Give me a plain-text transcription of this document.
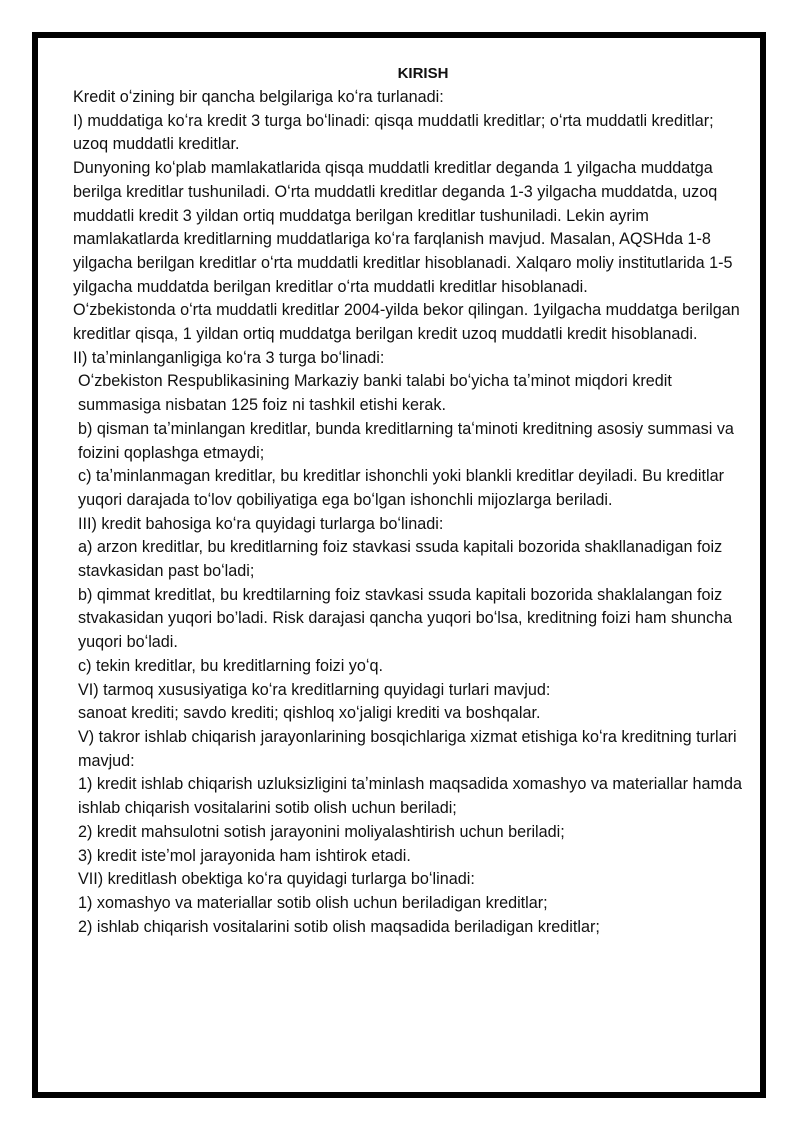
KIRISH
Kredit oʻzining bir qancha belgilariga koʻra turlanadi:
I) muddatiga koʻra kredit 3 turga boʻlinadi: qisqa muddatli kreditlar; oʻrta muddatli kreditlar; uzoq muddatli kreditlar.
Dunyoning koʻplab mamlakatlarida qisqa muddatli kreditlar deganda 1 yilgacha muddatga berilga kreditlar tushuniladi. Oʻrta muddatli kreditlar deganda 1-3 yilgacha muddatda, uzoq muddatli kredit 3 yildan ortiq muddatga berilgan kreditlar tushuniladi. Lekin ayrim mamlakatlarda kreditlarning muddatlariga koʻra farqlanish mavjud. Masalan, AQSHda 1-8 yilgacha berilgan kreditlar oʻrta muddatli kreditlar hisoblanadi. Xalqaro moliy institutlarida 1-5 yilgacha muddatda berilgan kreditlar oʻrta muddatli kreditlar hisoblanadi.
Oʻzbekistonda oʻrta muddatli kreditlar 2004-yilda bekor qilingan. 1yilgacha muddatga berilgan kreditlar qisqa, 1 yildan ortiq muddatga berilgan kredit uzoq muddatli kredit hisoblanadi.
II) taʼminlanganligiga koʻra 3 turga boʻlinadi:
Oʻzbekiston Respublikasining Markaziy banki talabi boʻyicha taʼminot miqdori kredit summasiga nisbatan 125 foiz ni tashkil etishi kerak.
b) qisman taʼminlangan kreditlar, bunda kreditlarning taʻminoti kreditning asosiy summasi va foizini qoplashga etmaydi;
c) taʼminlanmagan kreditlar, bu kreditlar ishonchli yoki blankli kreditlar deyiladi. Bu kreditlar yuqori darajada toʻlov qobiliyatiga ega boʻlgan ishonchli mijozlarga beriladi.
III) kredit bahosiga koʻra quyidagi turlarga boʻlinadi:
a) arzon kreditlar, bu kreditlarning foiz stavkasi ssuda kapitali bozorida shakllanadigan foiz stavkasidan past boʻladi;
b) qimmat kreditlat, bu kredtilarning foiz stavkasi ssuda kapitali bozorida shaklalangan foiz stvakasidan yuqori bo’ladi. Risk darajasi qancha yuqori boʻlsa, kreditning foizi ham shuncha yuqori boʻladi.
c) tekin kreditlar, bu kreditlarning foizi yoʻq.
VI) tarmoq xususiyatiga koʻra kreditlarning quyidagi turlari mavjud:
sanoat krediti; savdo krediti; qishloq xoʻjaligi krediti va boshqalar.
V) takror ishlab chiqarish jarayonlarining bosqichlariga xizmat etishiga koʻra kreditning turlari mavjud:
1) kredit ishlab chiqarish uzluksizligini taʼminlash maqsadida xomashyo va materiallar hamda ishlab chiqarish vositalarini sotib olish uchun beriladi;
2) kredit mahsulotni sotish jarayonini moliyalashtirish uchun beriladi;
3) kredit isteʼmol jarayonida ham ishtirok etadi.
VII) kreditlash obektiga koʻra quyidagi turlarga boʻlinadi:
1) xomashyo va materiallar sotib olish uchun beriladigan kreditlar;
2) ishlab chiqarish vositalarini sotib olish maqsadida beriladigan kreditlar;
